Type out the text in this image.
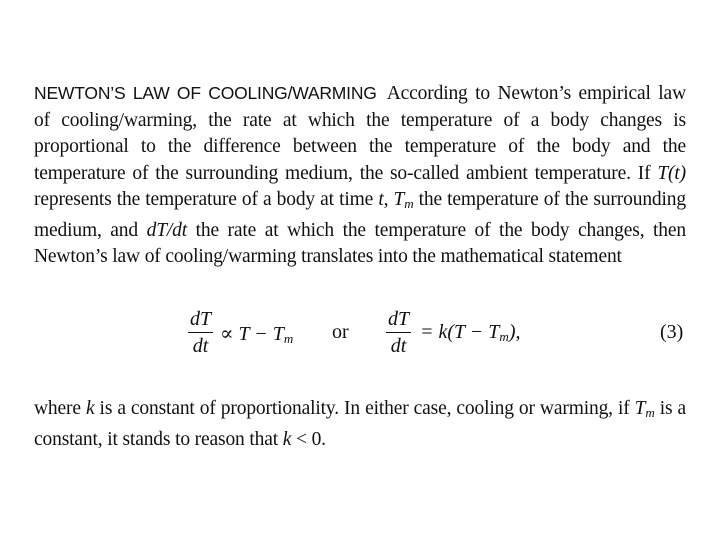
NEWTON’S LAW OF COOLING/WARMING According to Newton’s empirical law of cooling/warming, the rate at which the temperature of a body changes is proportional to the difference between the temperature of the body and the temperature of the surrounding medium, the so-called ambient temperature. If T(t) represents the temperature of a body at time t, $T_m$ the temperature of the surrounding medium, and dT/dt the rate at which the temperature of the body changes, then Newton’s law of cooling/warming translates into the mathematical statement
dT
dt
∝ $T - T_m$ or
dT
dt
= $k(T - T_m)$,	(3)
where k is a constant of proportionality. In either case, cooling or warming, if $T_m$ is a constant, it stands to reason that k < 0.
